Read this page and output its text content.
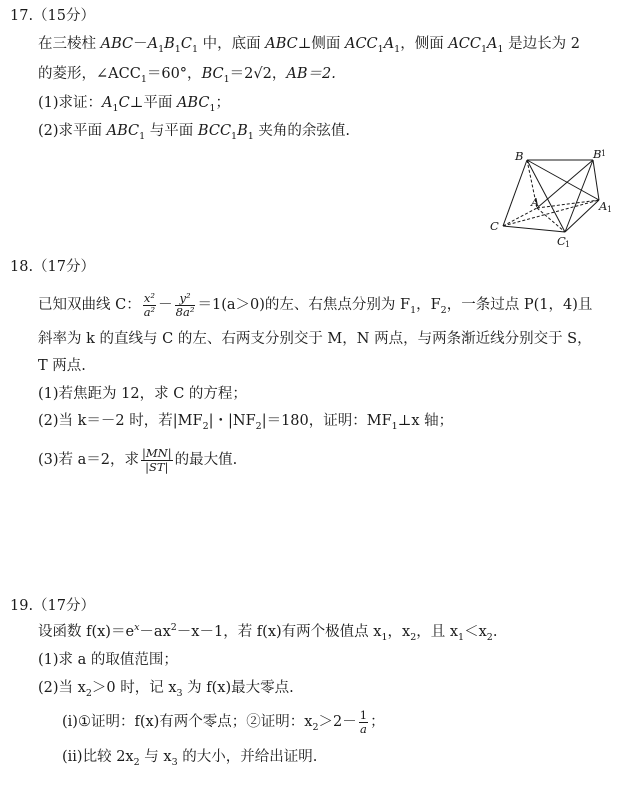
17.（15分）
在三棱柱 $ABC-A_1B_1C_1$ 中，底面 ABC⊥侧面 $ACC_1A_1$，侧面 $ACC_1A_1$ 是边长为 2
的菱形，$\angle ACC_1=60^\circ$，$BC_1=2√2$，AB＝2.
(1)求证：$A_1C\perp$平面 $ABC_1$；
(2)求平面 $ABC_1$ 与平面 $BCC_1B_1$ 夹角的余弦值.
B	B 1
A	A 1
C
C 1
18.（17分）
已知双曲线 C： $\frac{\text{x²}}{\text{a²}} - \frac{\text{y²}}{\text{8a²}} =1(a>0)$的左、右焦点分别为 $F_1$，$F_2$，一条过点 P(1，4)且
斜率为 k 的直线与 C 的左、右两支分别交于 M，N 两点，与两条渐近线分别交于 S，
T 两点.
(1)若焦距为 12，求 C 的方程；
(2)当 k＝－2 时，若$|MF_2|$・$|NF_2|=180$，证明：$MF_1\perp x$ 轴；
(3)若 a＝2，求 $\frac{|MN|}{|ST|}$ 的最大值.
19.（17分）
设函数 $f(x)=e^x-ax^2-x-1$，若 f(x)有两个极值点 $x_1$，$x_2$，且 $x_1<x_2$.
(1)求 a 的取值范围；
(2)当 $x_2>0$ 时，记 $x_3$ 为 f(x)最大零点.
(i)①证明：f(x)有两个零点；②证明：$x_2>2- \frac{1}{a}$ ；
(ii)比较 $2x_2$ 与 $x_3$ 的大小，并给出证明.
